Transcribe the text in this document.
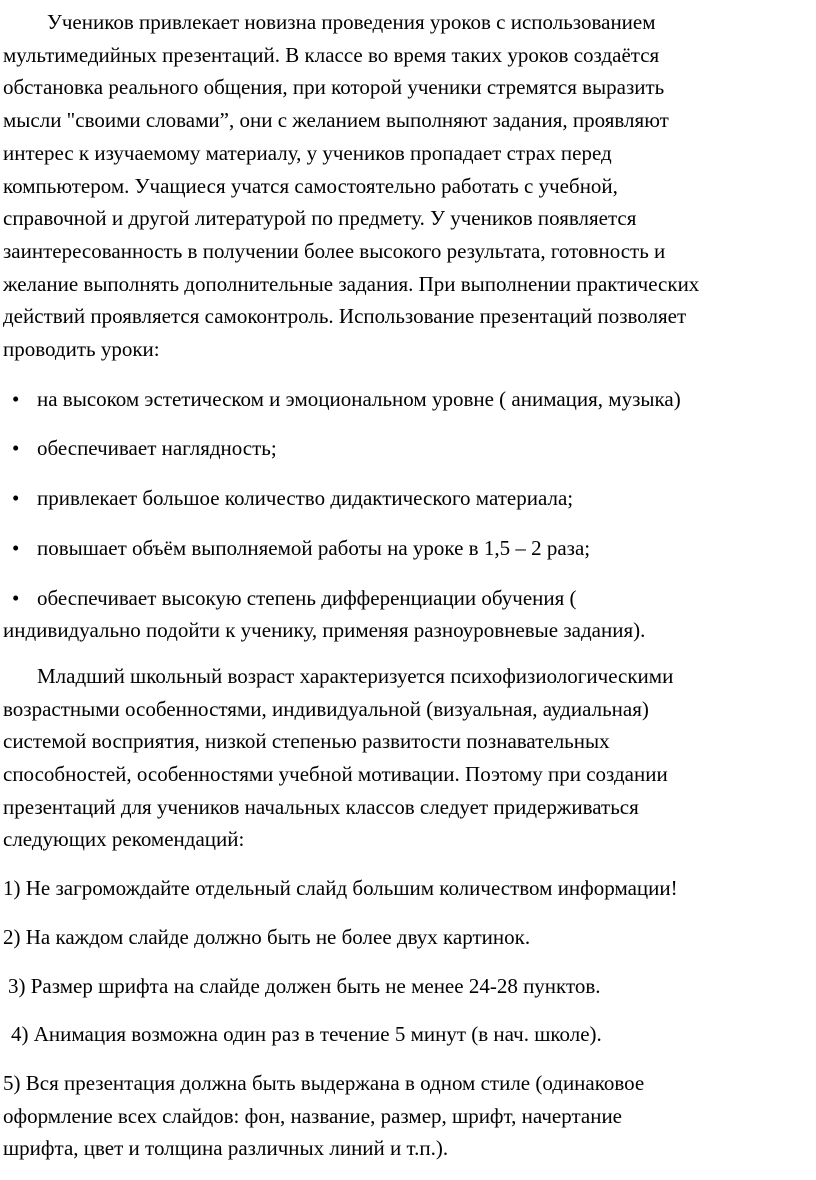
Учеников привлекает новизна проведения уроков с использованием
мультимедийных презентаций. В классе во время таких уроков создаётся
обстановка реального общения, при которой ученики стремятся выразить
мысли "своими словами”, они с желанием выполняют задания, проявляют
интерес к изучаемому материалу, у учеников пропадает страх перед
компьютером. Учащиеся учатся самостоятельно работать с учебной,
справочной и другой литературой по предмету. У учеников появляется
заинтересованность в получении более высокого результата, готовность и
желание выполнять дополнительные задания. При выполнении практических
действий проявляется самоконтроль. Использование презентаций позволяет
проводить уроки:
• на высоком эстетическом и эмоциональном уровне ( анимация, музыка)
• обеспечивает наглядность;
• привлекает большое количество дидактического материала;
• повышает объём выполняемой работы на уроке в 1,5 – 2 раза;
• обеспечивает высокую степень дифференциации обучения (
индивидуально подойти к ученику, применяя разноуровневые задания).
Младший школьный возраст характеризуется психофизиологическими
возрастными особенностями, индивидуальной (визуальная, аудиальная)
системой восприятия, низкой степенью развитости познавательных
способностей, особенностями учебной мотивации. Поэтому при создании
презентаций для учеников начальных классов следует придерживаться
следующих рекомендаций:
1) Не загромождайте отдельный слайд большим количеством информации!
2) На каждом слайде должно быть не более двух картинок.
3) Размер шрифта на слайде должен быть не менее 24-28 пунктов.
4) Анимация возможна один раз в течение 5 минут (в нач. школе).
5) Вся презентация должна быть выдержана в одном стиле (одинаковое
оформление всех слайдов: фон, название, размер, шрифт, начертание
шрифта, цвет и толщина различных линий и т.п.).
